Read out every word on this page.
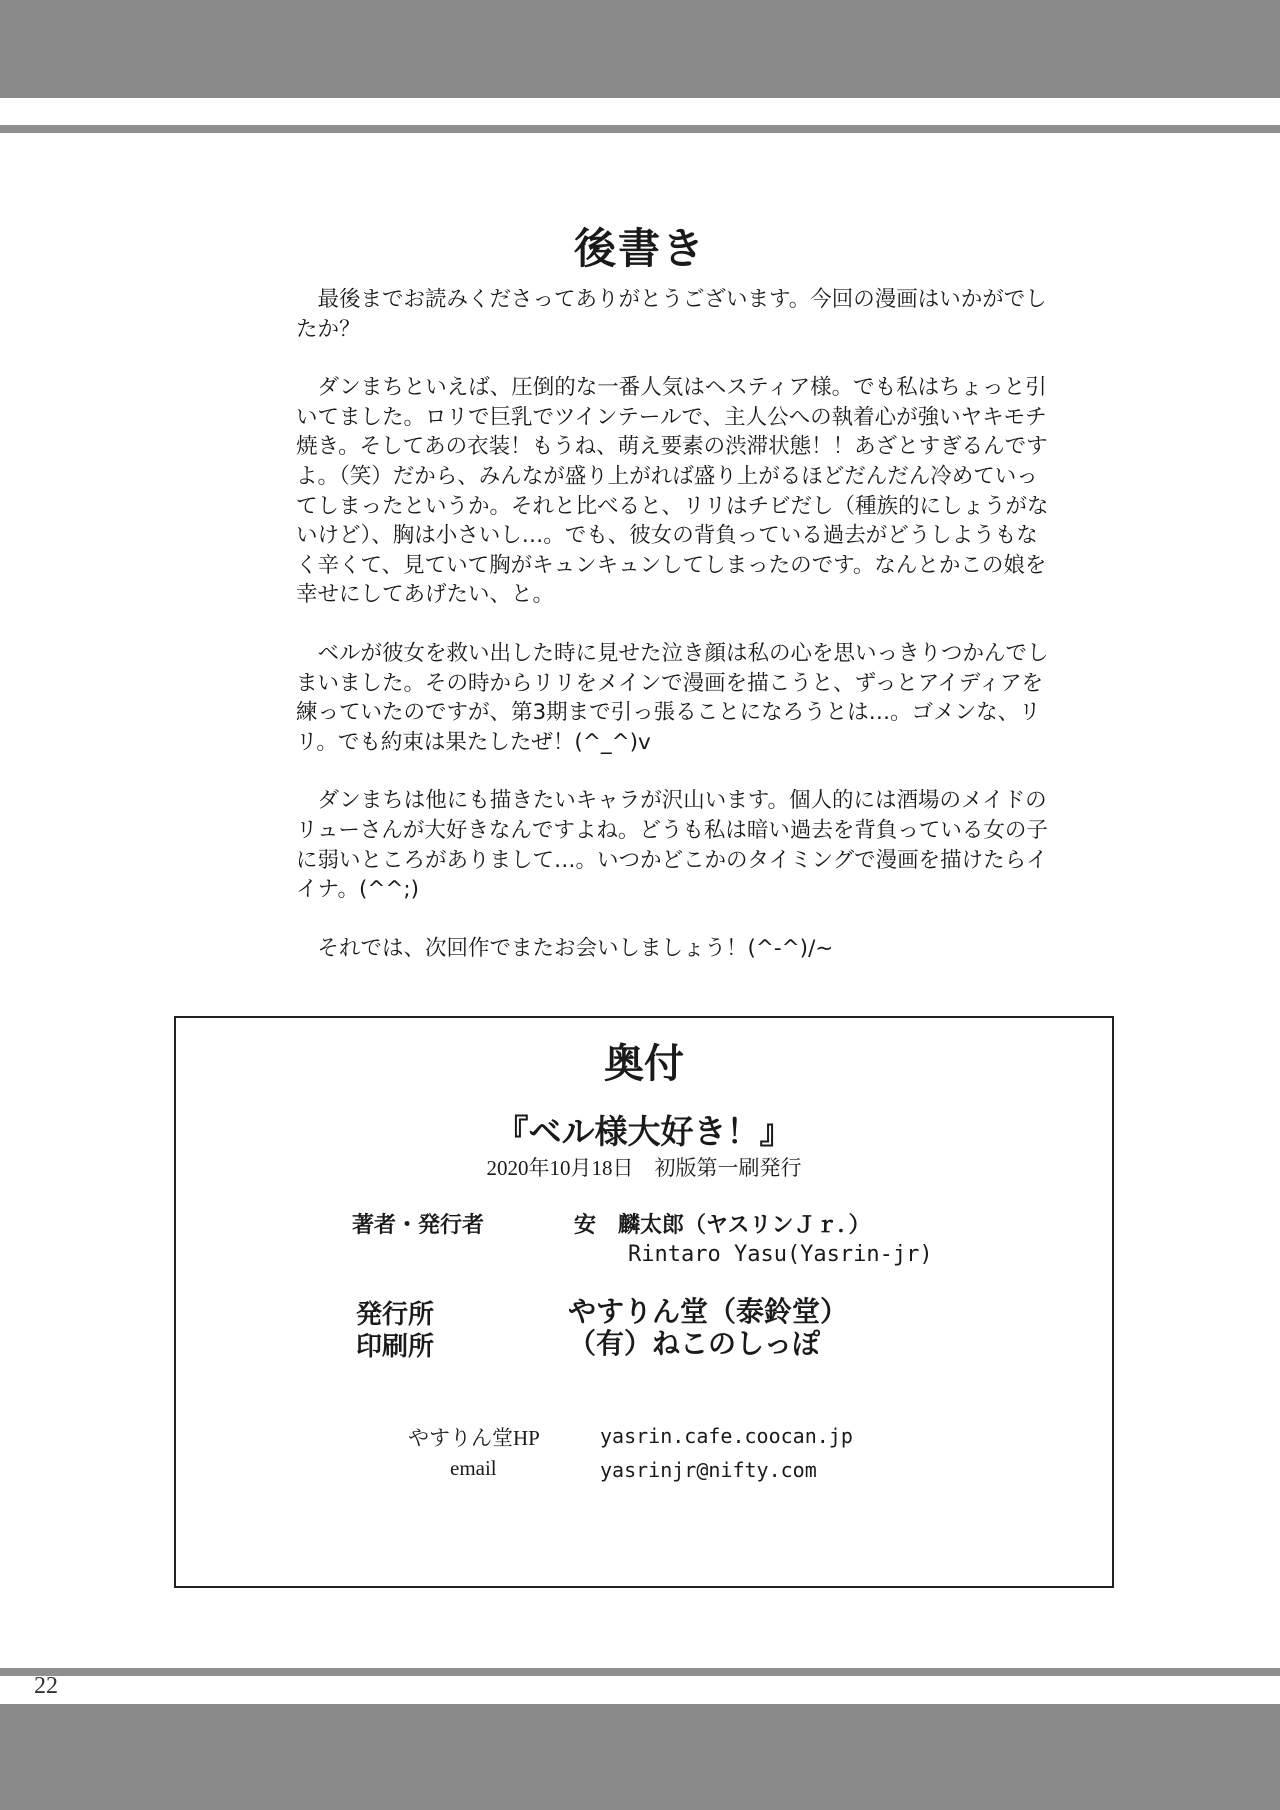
後書き

最後までお読みくださってありがとうございます。今回の漫画はいかがでしたか？

ダンまちといえば、圧倒的な一番人気はヘスティア様。でも私はちょっと引いてました。ロリで巨乳でツインテールで、主人公への執着心が強いヤキモチ焼き。そしてあの衣装！もうね、萌え要素の渋滞状態！！あざとすぎるんですよ。（笑）だから、みんなが盛り上がれば盛り上がるほどだんだん冷めていってしまったというか。それと比べると、リリはチビだし（種族的にしょうがないけど）、胸は小さいし…。でも、彼女の背負っている過去がどうしようもなく辛くて、見ていて胸がキュンキュンしてしまったのです。なんとかこの娘を幸せにしてあげたい、と。

ベルが彼女を救い出した時に見せた泣き顔は私の心を思いっきりつかんでしまいました。その時からリリをメインで漫画を描こうと、ずっとアイディアを練っていたのですが、第3期まで引っ張ることになろうとは…。ゴメンな、リリ。でも約束は果たしたぜ！(^_^)v

ダンまちは他にも描きたいキャラが沢山います。個人的には酒場のメイドのリューさんが大好きなんですよね。どうも私は暗い過去を背負っている女の子に弱いところがありまして…。いつかどこかのタイミングで漫画を描けたらイイナ。(^^;)

それでは、次回作でまたお会いしましょう！(^-^)/~

奥付
『ベル様大好き！』
2020年10月18日　初版第一刷発行
著者・発行者	安　麟太郎（ヤスリンＪｒ．）
Rintaro Yasu(Yasrin-jr)
発行所	やすりん堂（泰鈴堂）
印刷所	（有）ねこのしっぽ
やすりん堂HP	yasrin.cafe.coocan.jp
email	yasrinjr@nifty.com
22
